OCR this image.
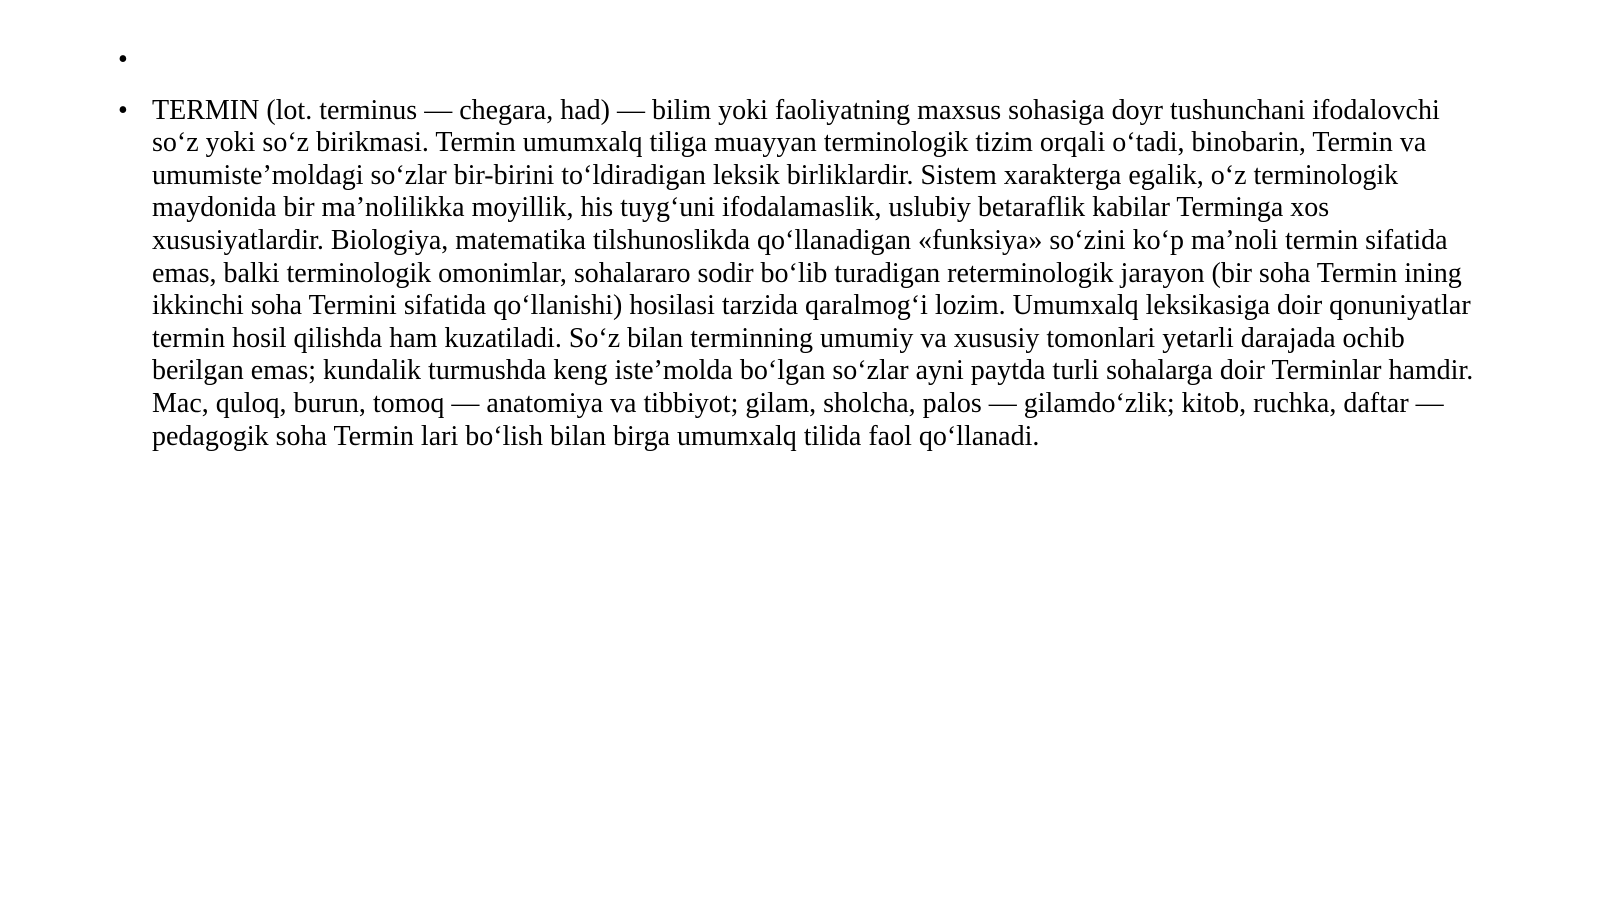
•
• TERMIN (lot. terminus — chegara, had) — bilim yoki faoliyatning maxsus sohasiga doyr tushunchani ifodalovchi so‘z yoki so‘z birikmasi. Termin umumxalq tiliga muayyan terminologik tizim orqali o‘tadi, binobarin, Termin va umumiste’moldagi so‘zlar bir-birini to‘ldiradigan leksik birliklardir. Sistem xarakterga egalik, o‘z terminologik maydonida bir ma’nolilikka moyillik, his tuyg‘uni ifodalamaslik, uslubiy betaraflik kabilar Terminga xos xususiyatlardir. Biologiya, matematika tilshunoslikda qo‘llanadigan «funksiya» so‘zini ko‘p ma’noli termin sifatida emas, balki terminologik omonimlar, sohalararo sodir bo‘lib turadigan reterminologik jarayon (bir soha Termin ining ikkinchi soha Termini sifatida qo‘llanishi) hosilasi tarzida qaralmog‘i lozim. Umumxalq leksikasiga doir qonuniyatlar termin hosil qilishda ham kuzatiladi. So‘z bilan terminning umumiy va xususiy tomonlari yetarli darajada ochib berilgan emas; kundalik turmushda keng iste’molda bo‘lgan so‘zlar ayni paytda turli sohalarga doir Terminlar hamdir. Mac, quloq, burun, tomoq — anatomiya va tibbiyot; gilam, sholcha, palos — gilamdo‘zlik; kitob, ruchka, daftar — pedagogik soha Termin lari bo‘lish bilan birga umumxalq tilida faol qo‘llanadi.
